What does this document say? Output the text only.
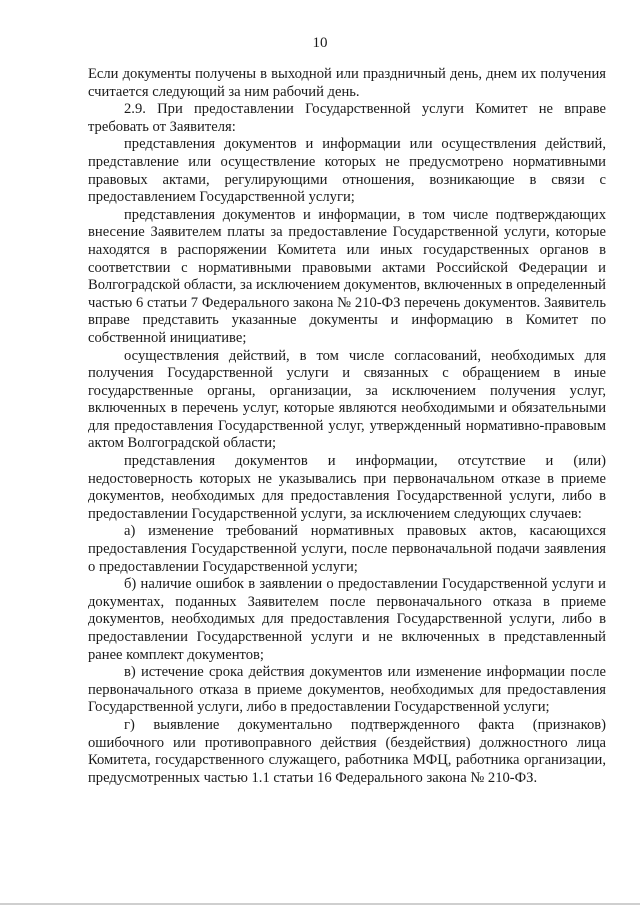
10

Если документы получены в выходной или праздничный день, днем их получения считается следующий за ним рабочий день.

2.9. При предоставлении Государственной услуги Комитет не вправе требовать от Заявителя:

представления документов и информации или осуществления действий, представление или осуществление которых не предусмотрено нормативными правовых актами, регулирующими отношения, возникающие в связи с предоставлением Государственной услуги;

представления документов и информации, в том числе подтверждающих внесение Заявителем платы за предоставление Государственной услуги, которые находятся в распоряжении Комитета или иных государственных органов в соответствии с нормативными правовыми актами Российской Федерации и Волгоградской области, за исключением документов, включенных в определенный частью 6 статьи 7 Федерального закона № 210-ФЗ перечень документов. Заявитель вправе представить указанные документы и информацию в Комитет по собственной инициативе;

осуществления действий, в том числе согласований, необходимых для получения Государственной услуги и связанных с обращением в иные государственные органы, организации, за исключением получения услуг, включенных в перечень услуг, которые являются необходимыми и обязательными для предоставления Государственной услуг, утвержденный нормативно-правовым актом Волгоградской области;

представления документов и информации, отсутствие и (или) недостоверность которых не указывались при первоначальном отказе в приеме документов, необходимых для предоставления Государственной услуги, либо в предоставлении Государственной услуги, за исключением следующих случаев:

а) изменение требований нормативных правовых актов, касающихся предоставления Государственной услуги, после первоначальной подачи заявления о предоставлении Государственной услуги;

б) наличие ошибок в заявлении о предоставлении Государственной услуги и документах, поданных Заявителем после первоначального отказа в приеме документов, необходимых для предоставления Государственной услуги, либо в предоставлении Государственной услуги и не включенных в представленный ранее комплект документов;

в) истечение срока действия документов или изменение информации после первоначального отказа в приеме документов, необходимых для предоставления Государственной услуги, либо в предоставлении Государственной услуги;

г) выявление документально подтвержденного факта (признаков) ошибочного или противоправного действия (бездействия) должностного лица Комитета, государственного служащего, работника МФЦ, работника организации, предусмотренных частью 1.1 статьи 16 Федерального закона № 210-ФЗ.
